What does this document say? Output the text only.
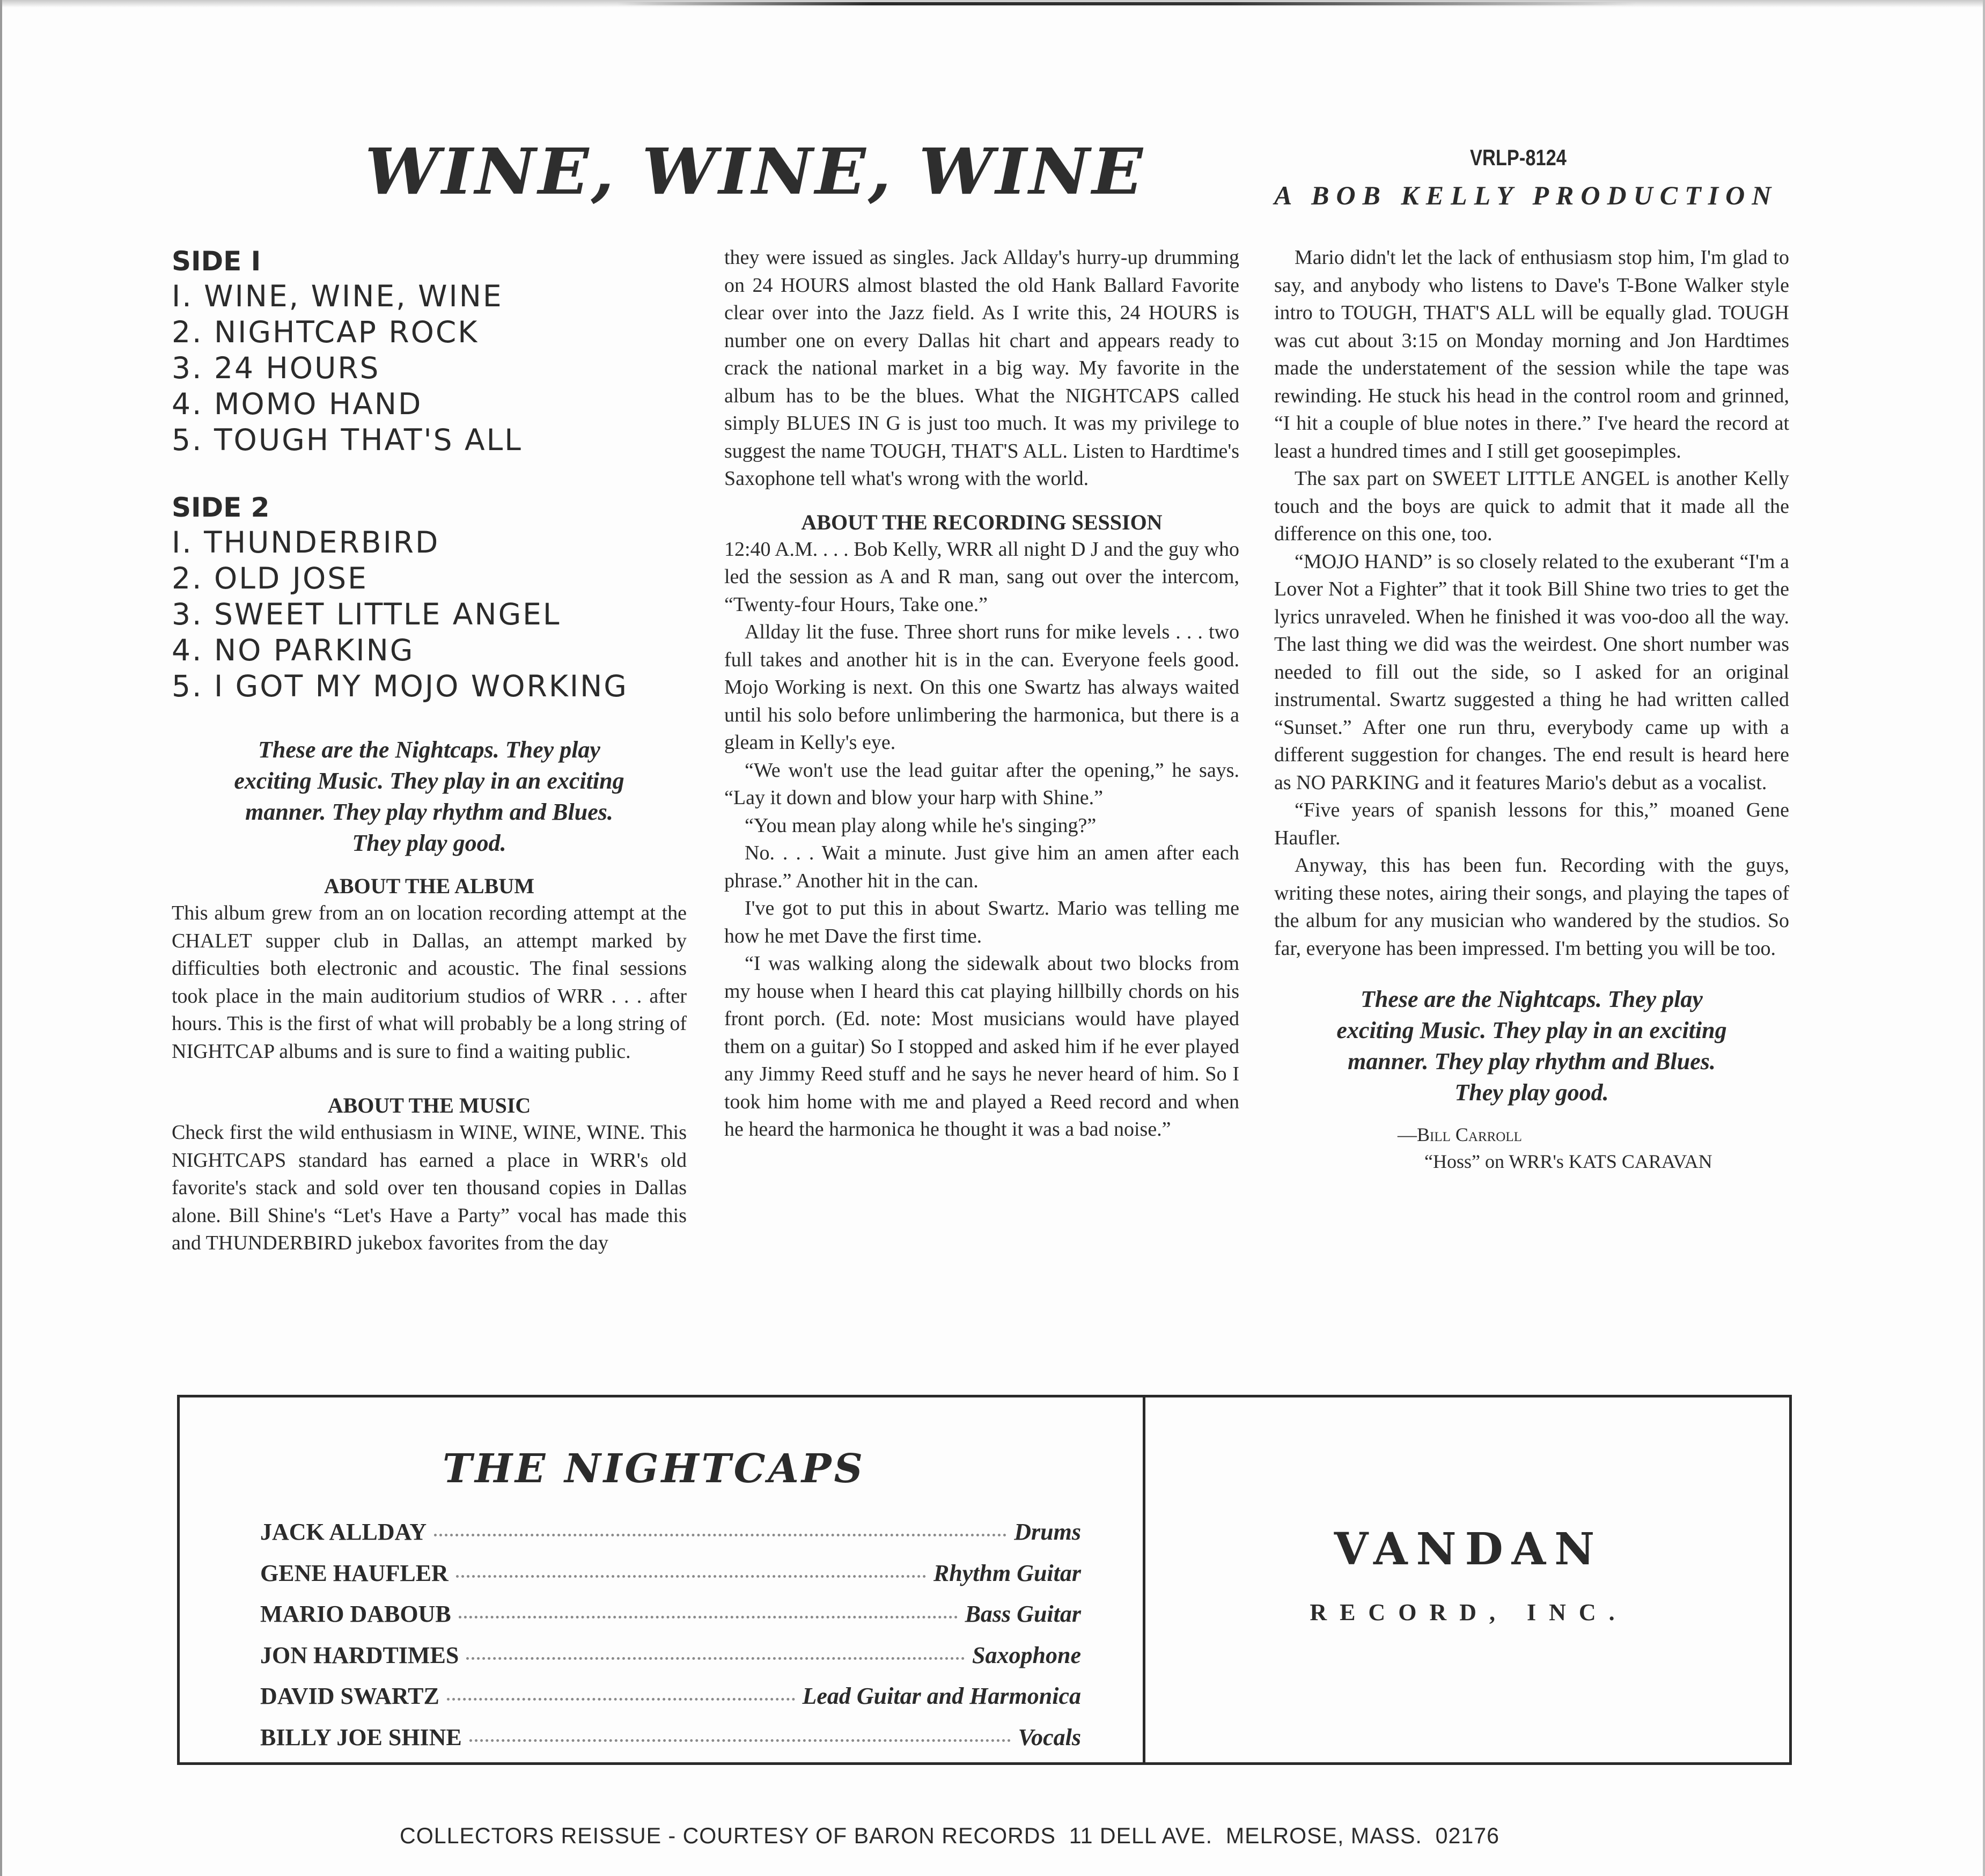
WINE, WINE, WINE	VRLP-8124
A BOB KELLY PRODUCTION

SIDE I

I. WINE, WINE, WINE

2. NIGHTCAP ROCK

3. 24 HOURS

4. MOMO HAND

5. TOUGH THAT'S ALL

SIDE 2

I. THUNDERBIRD

2. OLD JOSE

3. SWEET LITTLE ANGEL

4. NO PARKING

5. I GOT MY MOJO WORKING

These are the Nightcaps. They play

exciting Music. They play in an exciting

manner. They play rhythm and Blues.

They play good.

ABOUT THE ALBUM

This album grew from an on location recording attempt at the CHALET supper club in Dallas, an attempt marked by difficulties both electronic and acoustic. The final sessions took place in the main auditorium studios of WRR . . . after hours. This is the first of what will probably be a long string of NIGHTCAP albums and is sure to find a waiting public.

ABOUT THE MUSIC

Check first the wild enthusiasm in WINE, WINE, WINE. This NIGHTCAPS standard has earned a place in WRR's old favorite's stack and sold over ten thousand copies in Dallas alone. Bill Shine's “Let's Have a Party” vocal has made this and THUNDERBIRD jukebox favorites from the day

they were issued as singles. Jack Allday's hurry-up drumming on 24 HOURS almost blasted the old Hank Ballard Favorite clear over into the Jazz field. As I write this, 24 HOURS is number one on every Dallas hit chart and appears ready to crack the national market in a big way. My favorite in the album has to be the blues. What the NIGHTCAPS called simply BLUES IN G is just too much. It was my privilege to suggest the name TOUGH, THAT'S ALL. Listen to Hardtime's Saxophone tell what's wrong with the world.

ABOUT THE RECORDING SESSION

12:40 A.M. . . . Bob Kelly, WRR all night D J and the guy who led the session as A and R man, sang out over the intercom, “Twenty-four Hours, Take one.”

Allday lit the fuse. Three short runs for mike levels . . . two full takes and another hit is in the can. Everyone feels good. Mojo Working is next. On this one Swartz has always waited until his solo before unlimbering the harmonica, but there is a gleam in Kelly's eye.

“We won't use the lead guitar after the opening,” he says. “Lay it down and blow your harp with Shine.”

“You mean play along while he's singing?”

No. . . . Wait a minute. Just give him an amen after each phrase.” Another hit in the can.

I've got to put this in about Swartz. Mario was telling me how he met Dave the first time.

“I was walking along the sidewalk about two blocks from my house when I heard this cat playing hillbilly chords on his front porch. (Ed. note: Most musicians would have played them on a guitar) So I stopped and asked him if he ever played any Jimmy Reed stuff and he says he never heard of him. So I took him home with me and played a Reed record and when he heard the harmonica he thought it was a bad noise.”

Mario didn't let the lack of enthusiasm stop him, I'm glad to say, and anybody who listens to Dave's T-Bone Walker style intro to TOUGH, THAT'S ALL will be equally glad. TOUGH was cut about 3:15 on Monday morning and Jon Hardtimes made the understatement of the session while the tape was rewinding. He stuck his head in the control room and grinned, “I hit a couple of blue notes in there.” I've heard the record at least a hundred times and I still get goosepimples.

The sax part on SWEET LITTLE ANGEL is another Kelly touch and the boys are quick to admit that it made all the difference on this one, too.

“MOJO HAND” is so closely related to the exuberant “I'm a Lover Not a Fighter” that it took Bill Shine two tries to get the lyrics unraveled. When he finished it was voo-doo all the way. The last thing we did was the weirdest. One short number was needed to fill out the side, so I asked for an original instrumental. Swartz suggested a thing he had written called “Sunset.” After one run thru, everybody came up with a different suggestion for changes. The end result is heard here as NO PARKING and it features Mario's debut as a vocalist.

“Five years of spanish lessons for this,” moaned Gene Haufler.

Anyway, this has been fun. Recording with the guys, writing these notes, airing their songs, and playing the tapes of the album for any musician who wandered by the studios. So far, everyone has been impressed. I'm betting you will be too.

These are the Nightcaps. They play

exciting Music. They play in an exciting

manner. They play rhythm and Blues.

They play good.

—Bill Carroll

“Hoss” on WRR's KATS CARAVAN

THE NIGHTCAPS
JACK ALLDAY	Drums
GENE HAUFLER	Rhythm Guitar
MARIO DABOUB	Bass Guitar
JON HARDTIMES	Saxophone
DAVID SWARTZ	Lead Guitar and Harmonica
BILLY JOE SHINE	Vocals
VANDAN
RECORD, INC.
COLLECTORS REISSUE - COURTESY OF BARON RECORDS  11 DELL AVE.  MELROSE, MASS.  02176
